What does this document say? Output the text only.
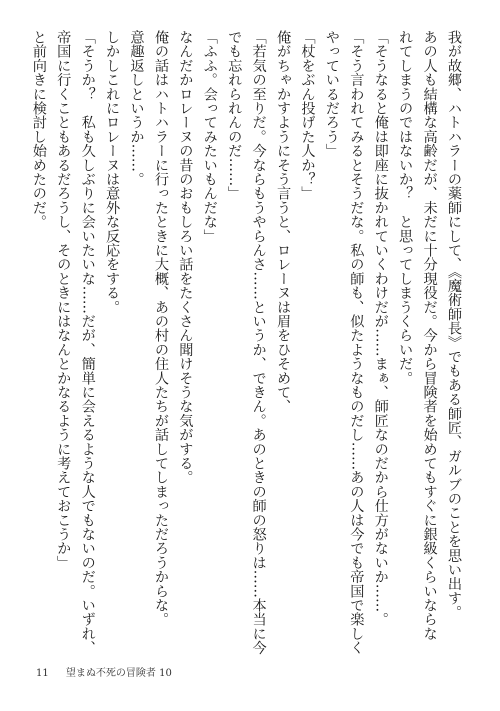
我が故郷、ハトハラーの薬師にして、《魔術師長》でもある師匠、ガルブのことを思い出す。
あの人も結構な高齢だが、未だに十分現役だ。今から冒険者を始めてもすぐに銀級くらいならな
れてしまうのではないか？　と思ってしまうくらいだ。
「そうなると俺は即座に抜かれていくわけだが……まぁ、師匠なのだから仕方がないか……。
「そう言われてみるとそうだな。私の師も、似たようなものだし……あの人は今でも帝国で楽しく
やっているだろう」
「杖をぶん投げた人か？」
俺がちゃかすようにそう言うと、ロレーヌは眉をひそめて、
「若気の至りだ。今ならもうやらんさ……というか、できん。あのときの師の怒りは……本当に今
でも忘れられんのだ……」
「ふふ。会ってみたいもんだな」
なんだかロレーヌの昔のおもしろい話をたくさん聞けそうな気がする。
俺の話はハトハラーに行ったときに大概、あの村の住人たちが話してしまっただろうからな。
意趣返しというか……。
しかしこれにロレーヌは意外な反応をする。
「そうか？　私も久しぶりに会いたいな……だが、簡単に会えるような人でもないのだ。いずれ、
帝国に行くこともあるだろうし、そのときにはなんとかなるように考えておこうか」
と前向きに検討し始めたのだ。
11 望まぬ不死の冒険者 10
